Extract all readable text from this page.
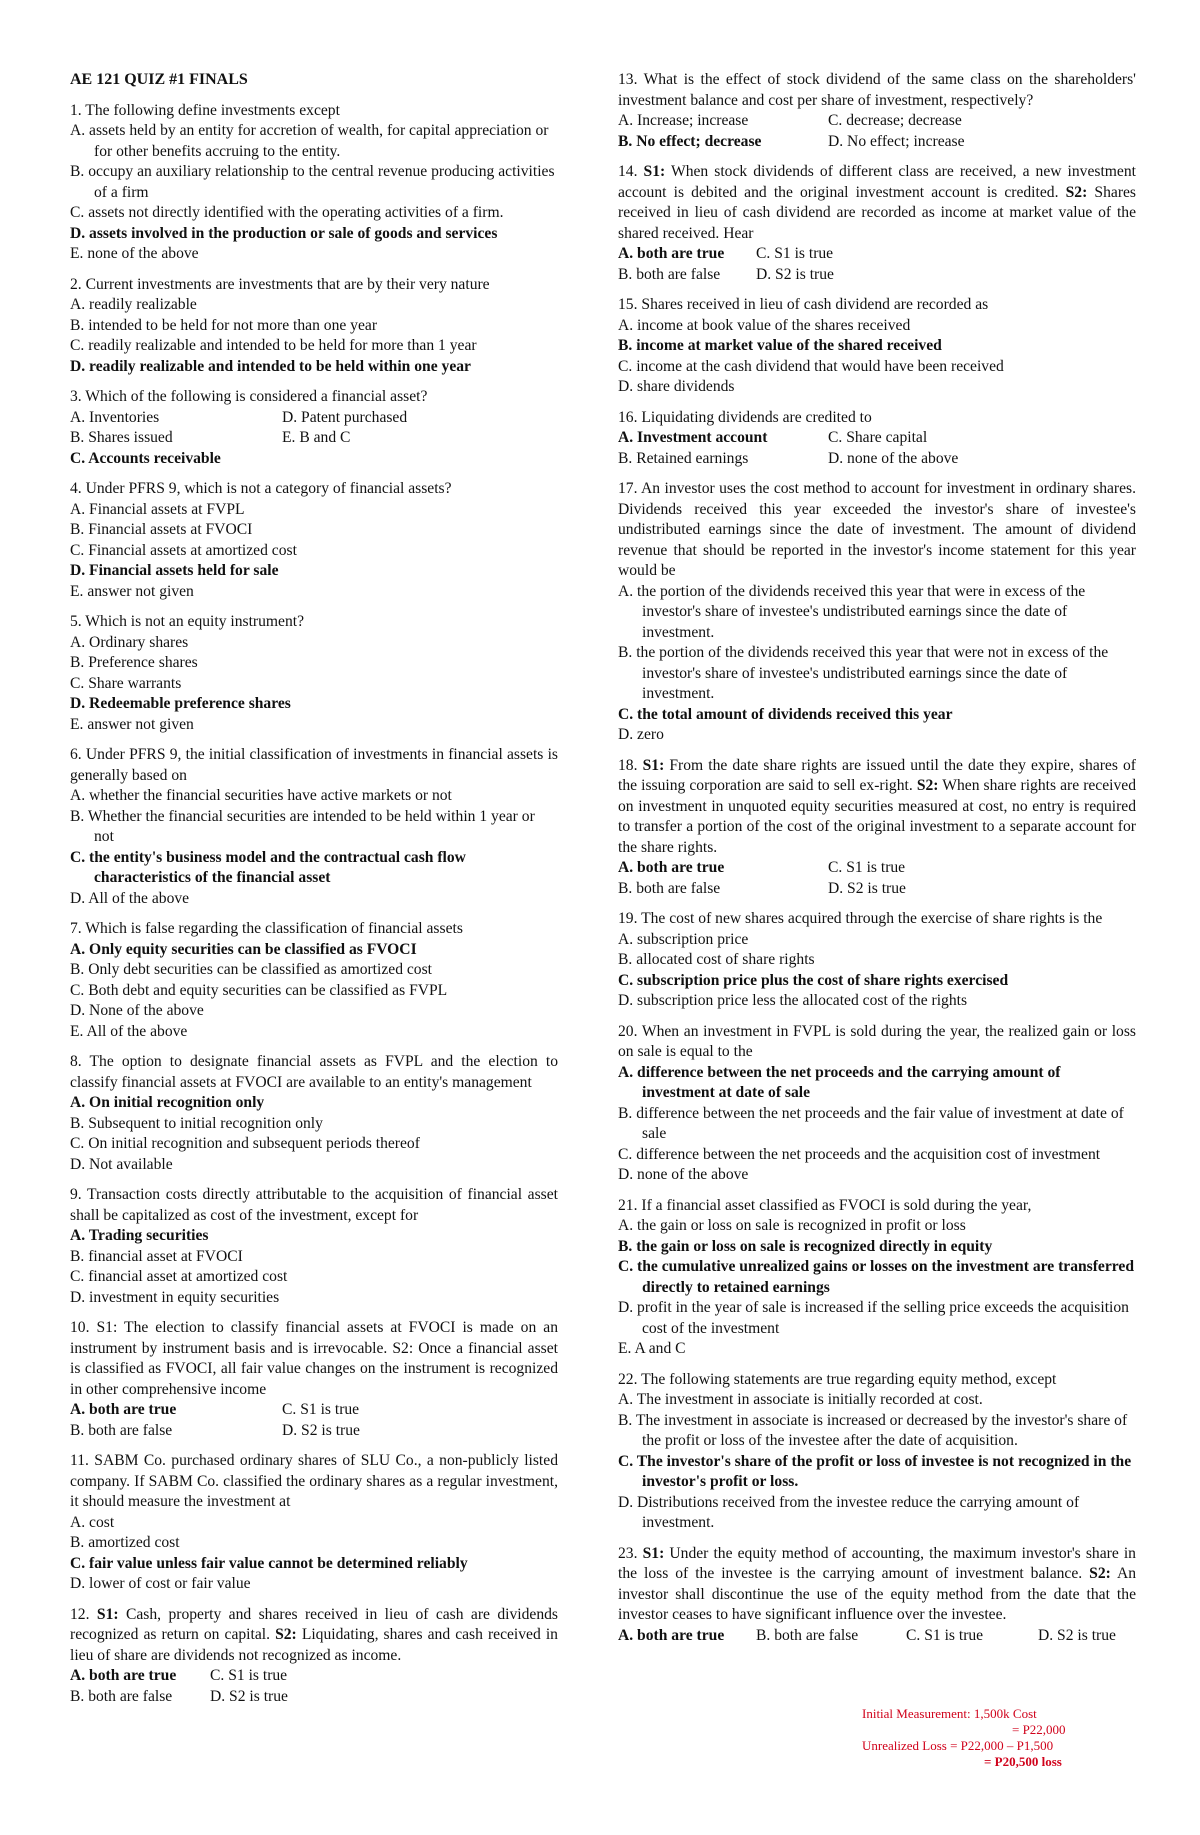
AE 121 QUIZ #1 FINALS
1. The following define investments except
A. assets held by an entity for accretion of wealth, for capital appreciation or for other benefits accruing to the entity.
B. occupy an auxiliary relationship to the central revenue producing activities of a firm
C. assets not directly identified with the operating activities of a firm.
D. assets involved in the production or sale of goods and services
E. none of the above
2. Current investments are investments that are by their very nature
A. readily realizable
B. intended to be held for not more than one year
C. readily realizable and intended to be held for more than 1 year
D. readily realizable and intended to be held within one year
3. Which of the following is considered a financial asset?
A. Inventories	D. Patent purchased
B. Shares issued	E. B and C
C. Accounts receivable
4. Under PFRS 9, which is not a category of financial assets?
A. Financial assets at FVPL
B. Financial assets at FVOCI
C. Financial assets at amortized cost
D. Financial assets held for sale
E. answer not given
5. Which is not an equity instrument?
A. Ordinary shares
B. Preference shares
C. Share warrants
D. Redeemable preference shares
E. answer not given
6. Under PFRS 9, the initial classification of investments in financial assets is generally based on
A. whether the financial securities have active markets or not
B. Whether the financial securities are intended to be held within 1 year or not
C. the entity's business model and the contractual cash flow characteristics of the financial asset
D. All of the above
7. Which is false regarding the classification of financial assets
A. Only equity securities can be classified as FVOCI
B. Only debt securities can be classified as amortized cost
C. Both debt and equity securities can be classified as FVPL
D. None of the above
E. All of the above
8. The option to designate financial assets as FVPL and the election to classify financial assets at FVOCI are available to an entity's management
A. On initial recognition only
B. Subsequent to initial recognition only
C. On initial recognition and subsequent periods thereof
D. Not available
9. Transaction costs directly attributable to the acquisition of financial asset shall be capitalized as cost of the investment, except for
A. Trading securities
B. financial asset at FVOCI
C. financial asset at amortized cost
D. investment in equity securities
10. S1: The election to classify financial assets at FVOCI is made on an instrument by instrument basis and is irrevocable. S2: Once a financial asset is classified as FVOCI, all fair value changes on the instrument is recognized in other comprehensive income
A. both are true	C. S1 is true
B. both are false	D. S2 is true
11. SABM Co. purchased ordinary shares of SLU Co., a non-publicly listed company. If SABM Co. classified the ordinary shares as a regular investment, it should measure the investment at
A. cost
B. amortized cost
C. fair value unless fair value cannot be determined reliably
D. lower of cost or fair value
12. S1: Cash, property and shares received in lieu of cash are dividends recognized as return on capital. S2: Liquidating, shares and cash received in lieu of share are dividends not recognized as income.
A. both are true	C. S1 is true
B. both are false	D. S2 is true
13. What is the effect of stock dividend of the same class on the shareholders' investment balance and cost per share of investment, respectively?
A. Increase; increase	C. decrease; decrease
B. No effect; decrease	D. No effect; increase
14. S1: When stock dividends of different class are received, a new investment account is debited and the original investment account is credited. S2: Shares received in lieu of cash dividend are recorded as income at market value of the shared received. Hear
A. both are true	C. S1 is true
B. both are false	D. S2 is true
15. Shares received in lieu of cash dividend are recorded as
A. income at book value of the shares received
B. income at market value of the shared received
C. income at the cash dividend that would have been received
D. share dividends
16. Liquidating dividends are credited to
A. Investment account	C. Share capital
B. Retained earnings	D. none of the above
17. An investor uses the cost method to account for investment in ordinary shares. Dividends received this year exceeded the investor's share of investee's undistributed earnings since the date of investment. The amount of dividend revenue that should be reported in the investor's income statement for this year would be
A. the portion of the dividends received this year that were in excess of the investor's share of investee's undistributed earnings since the date of investment.
B. the portion of the dividends received this year that were not in excess of the investor's share of investee's undistributed earnings since the date of investment.
C. the total amount of dividends received this year
D. zero
18. S1: From the date share rights are issued until the date they expire, shares of the issuing corporation are said to sell ex-right. S2: When share rights are received on investment in unquoted equity securities measured at cost, no entry is required to transfer a portion of the cost of the original investment to a separate account for the share rights.
A. both are true	C. S1 is true
B. both are false	D. S2 is true
19. The cost of new shares acquired through the exercise of share rights is the
A. subscription price
B. allocated cost of share rights
C. subscription price plus the cost of share rights exercised
D. subscription price less the allocated cost of the rights
20. When an investment in FVPL is sold during the year, the realized gain or loss on sale is equal to the
A. difference between the net proceeds and the carrying amount of investment at date of sale
B. difference between the net proceeds and the fair value of investment at date of sale
C. difference between the net proceeds and the acquisition cost of investment
D. none of the above
21. If a financial asset classified as FVOCI is sold during the year,
A. the gain or loss on sale is recognized in profit or loss
B. the gain or loss on sale is recognized directly in equity
C. the cumulative unrealized gains or losses on the investment are transferred directly to retained earnings
D. profit in the year of sale is increased if the selling price exceeds the acquisition cost of the investment
E. A and C
22. The following statements are true regarding equity method, except
A. The investment in associate is initially recorded at cost.
B. The investment in associate is increased or decreased by the investor's share of the profit or loss of the investee after the date of acquisition.
C. The investor's share of the profit or loss of investee is not recognized in the investor's profit or loss.
D. Distributions received from the investee reduce the carrying amount of investment.
23. S1: Under the equity method of accounting, the maximum investor's share in the loss of the investee is the carrying amount of investment balance. S2: An investor shall discontinue the use of the equity method from the date that the investor ceases to have significant influence over the investee.
A. both are true	B. both are false	C. S1 is true	D. S2 is true
Initial Measurement: 1,500k Cost
= P22,000
Unrealized Loss = P22,000 – P1,500
= P20,500 loss
